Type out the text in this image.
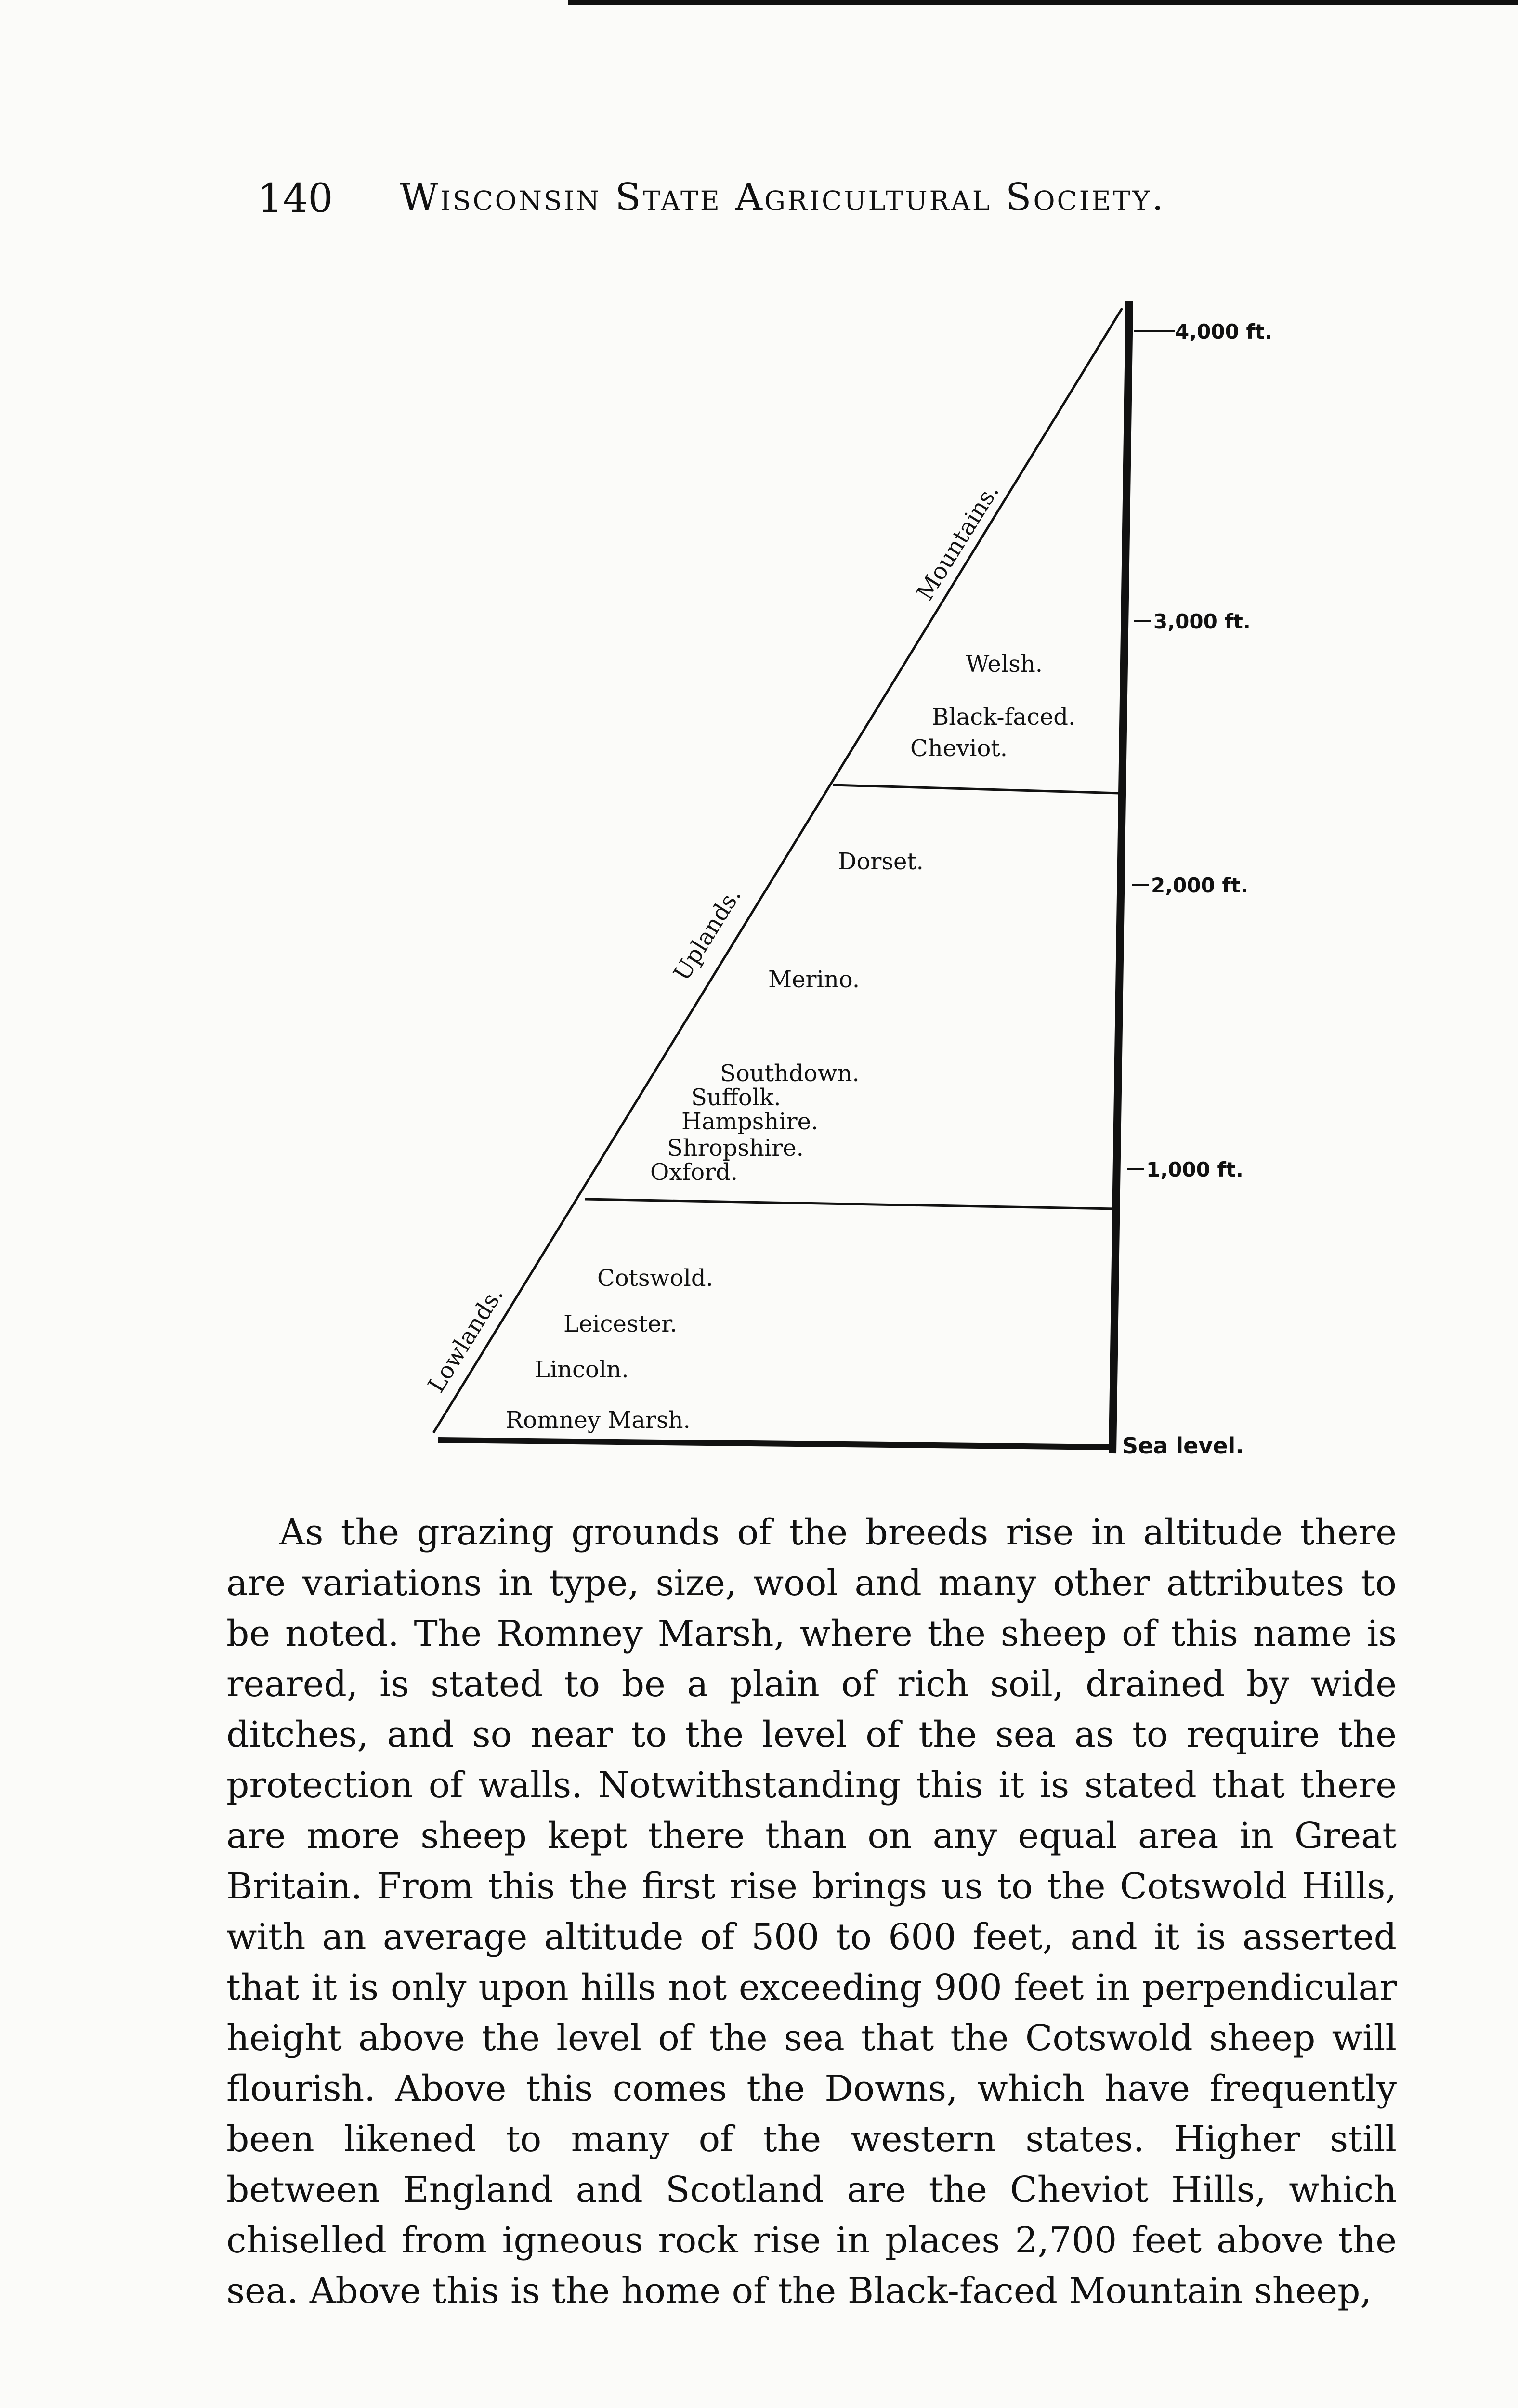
140 Wisconsin State Agricultural Society.
4,000 ft.
3,000 ft.
2,000 ft.
1,000 ft.
Sea level.
Mountains.
Uplands.
Lowlands.
Welsh.
Black-faced.
Cheviot.
Dorset.
Merino.
Southdown.
Suffolk.
Hampshire.
Shropshire.
Oxford.
Cotswold.
Leicester.
Lincoln.
Romney Marsh.

As the grazing grounds of the breeds rise in altitude there are variations in type, size, wool and many other attributes to be noted. The Romney Marsh, where the sheep of this name is reared, is stated to be a plain of rich soil, drained by wide ditches, and so near to the level of the sea as to require the protection of walls. Notwithstanding this it is stated that there are more sheep kept there than on any equal area in Great Britain. From this the first rise brings us to the Cotswold Hills, with an average altitude of 500 to 600 feet, and it is asserted that it is only upon hills not exceeding 900 feet in perpendicular height above the level of the sea that the Cotswold sheep will flourish. Above this comes the Downs, which have frequently been likened to many of the western states. Higher still between England and Scotland are the Cheviot Hills, which chiselled from igneous rock rise in places 2,700 feet above the sea. Above this is the home of the Black-faced Mountain sheep,
